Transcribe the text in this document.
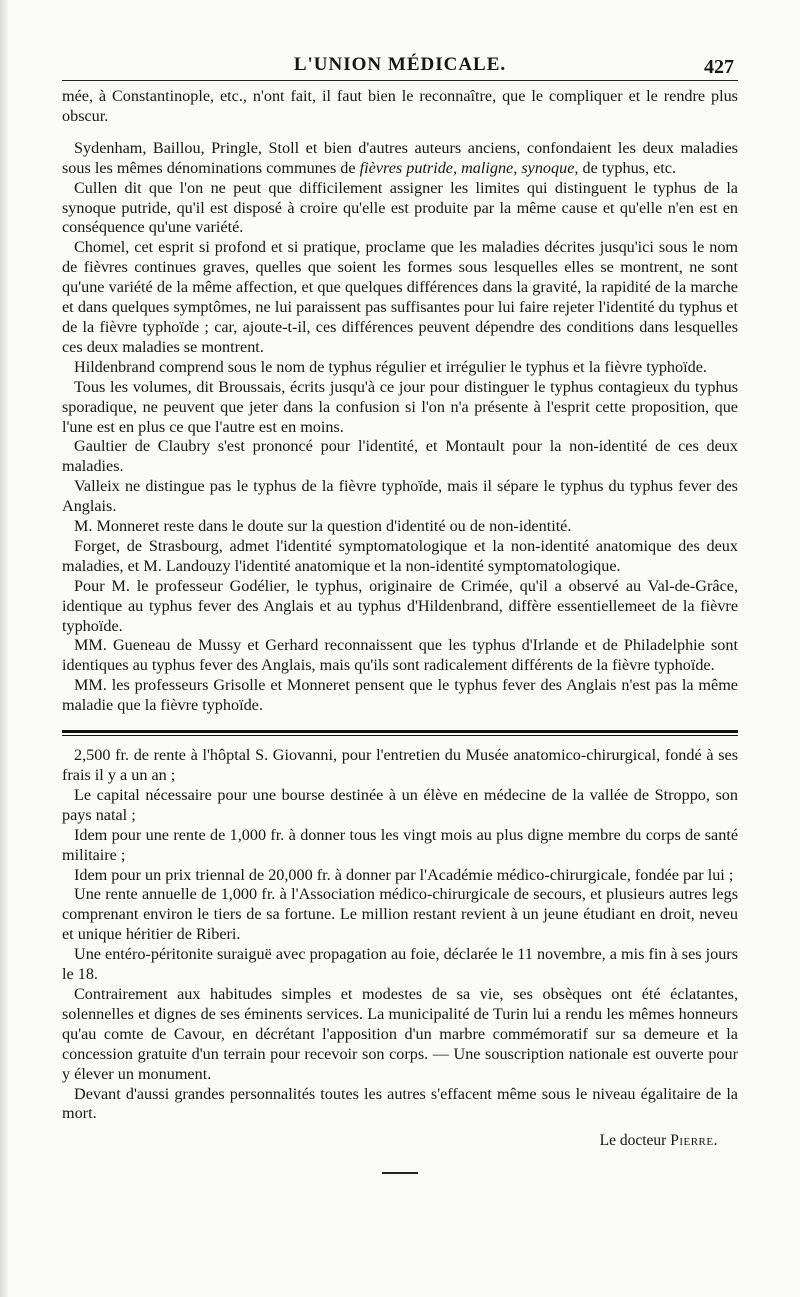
L'UNION MÉDICALE.	427

mée, à Constantinople, etc., n'ont fait, il faut bien le reconnaître, que le compliquer et le rendre plus obscur.

Sydenham, Baillou, Pringle, Stoll et bien d'autres auteurs anciens, confondaient les deux maladies sous les mêmes dénominations communes de fièvres putride, maligne, synoque, de typhus, etc.

Cullen dit que l'on ne peut que difficilement assigner les limites qui distinguent le typhus de la synoque putride, qu'il est disposé à croire qu'elle est produite par la même cause et qu'elle n'en est en conséquence qu'une variété.

Chomel, cet esprit si profond et si pratique, proclame que les maladies décrites jusqu'ici sous le nom de fièvres continues graves, quelles que soient les formes sous lesquelles elles se montrent, ne sont qu'une variété de la même affection, et que quelques différences dans la gravité, la rapidité de la marche et dans quelques symptômes, ne lui paraissent pas suffisantes pour lui faire rejeter l'identité du typhus et de la fièvre typhoïde ; car, ajoute-t-il, ces différences peuvent dépendre des conditions dans lesquelles ces deux maladies se montrent.

Hildenbrand comprend sous le nom de typhus régulier et irrégulier le typhus et la fièvre typhoïde.

Tous les volumes, dit Broussais, écrits jusqu'à ce jour pour distinguer le typhus contagieux du typhus sporadique, ne peuvent que jeter dans la confusion si l'on n'a présente à l'esprit cette proposition, que l'une est en plus ce que l'autre est en moins.

Gaultier de Claubry s'est prononcé pour l'identité, et Montault pour la non-identité de ces deux maladies.

Valleix ne distingue pas le typhus de la fièvre typhoïde, mais il sépare le typhus du typhus fever des Anglais.

M. Monneret reste dans le doute sur la question d'identité ou de non-identité.

Forget, de Strasbourg, admet l'identité symptomatologique et la non-identité anatomique des deux maladies, et M. Landouzy l'identité anatomique et la non-identité symptomatologique.

Pour M. le professeur Godélier, le typhus, originaire de Crimée, qu'il a observé au Val-de-Grâce, identique au typhus fever des Anglais et au typhus d'Hildenbrand, diffère essentiellemeet de la fièvre typhoïde.

MM. Gueneau de Mussy et Gerhard reconnaissent que les typhus d'Irlande et de Philadelphie sont identiques au typhus fever des Anglais, mais qu'ils sont radicalement différents de la fièvre typhoïde.

MM. les professeurs Grisolle et Monneret pensent que le typhus fever des Anglais n'est pas la même maladie que la fièvre typhoïde.

2,500 fr. de rente à l'hôptal S. Giovanni, pour l'entretien du Musée anatomico-chirurgical, fondé à ses frais il y a un an ;

Le capital nécessaire pour une bourse destinée à un élève en médecine de la vallée de Stroppo, son pays natal ;

Idem pour une rente de 1,000 fr. à donner tous les vingt mois au plus digne membre du corps de santé militaire ;

Idem pour un prix triennal de 20,000 fr. à donner par l'Académie médico-chirurgicale, fondée par lui ;

Une rente annuelle de 1,000 fr. à l'Association médico-chirurgicale de secours, et plusieurs autres legs comprenant environ le tiers de sa fortune. Le million restant revient à un jeune étudiant en droit, neveu et unique héritier de Riberi.

Une entéro-péritonite suraiguë avec propagation au foie, déclarée le 11 novembre, a mis fin à ses jours le 18.

Contrairement aux habitudes simples et modestes de sa vie, ses obsèques ont été éclatantes, solennelles et dignes de ses éminents services. La municipalité de Turin lui a rendu les mêmes honneurs qu'au comte de Cavour, en décrétant l'apposition d'un marbre commémoratif sur sa demeure et la concession gratuite d'un terrain pour recevoir son corps. — Une souscription nationale est ouverte pour y élever un monument.

Devant d'aussi grandes personnalités toutes les autres s'effacent même sous le niveau égalitaire de la mort.

Le docteur Pierre.
